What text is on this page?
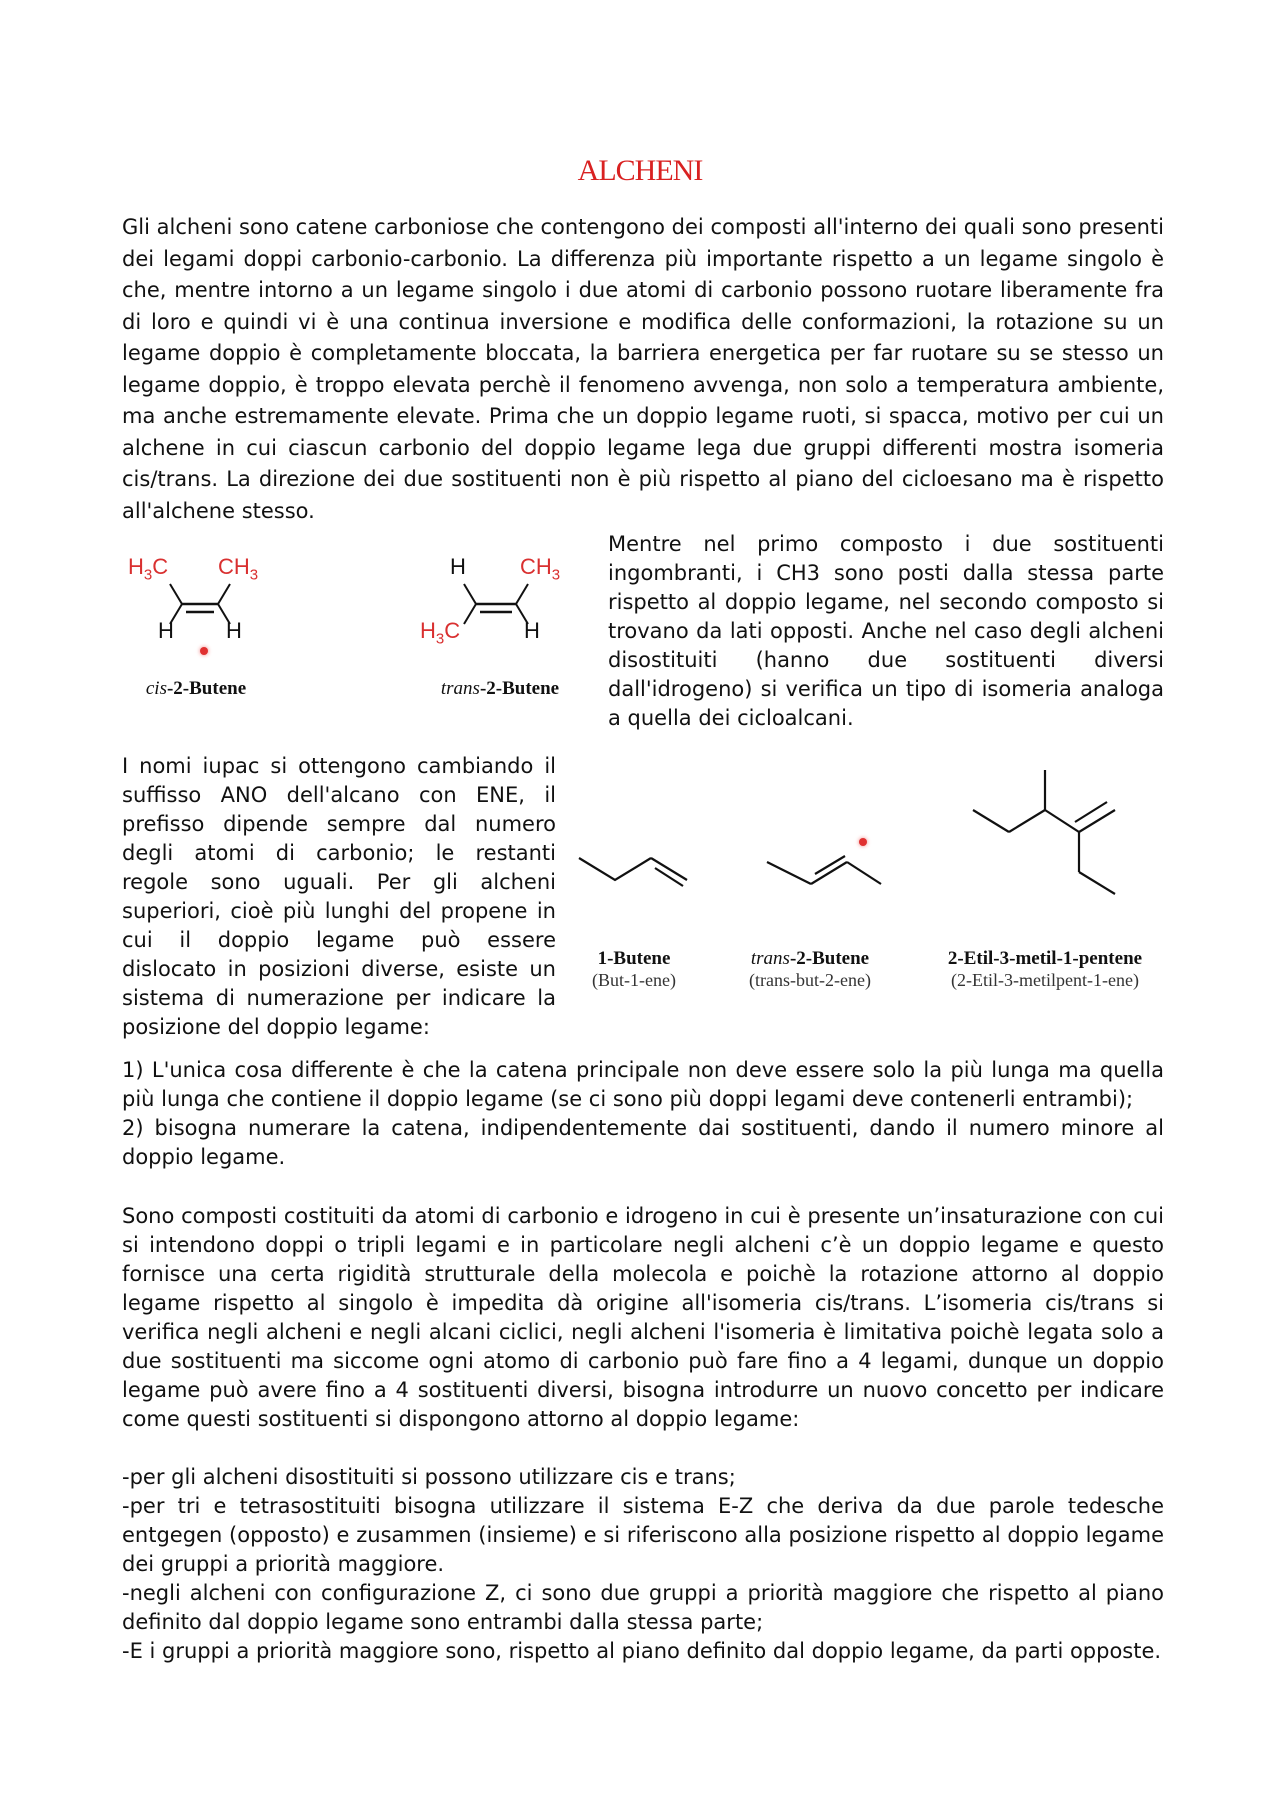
ALCHENI

Gli alcheni sono catene carboniose che contengono dei composti all'interno dei quali sono presenti dei legami doppi carbonio-carbonio. La differenza più importante rispetto a un legame singolo è che, mentre intorno a un legame singolo i due atomi di carbonio possono ruotare liberamente fra di loro e quindi vi è una continua inversione e modifica delle conformazioni, la rotazione su un legame doppio è completamente bloccata, la barriera energetica per far ruotare su se stesso un legame doppio, è troppo elevata perchè il fenomeno avvenga, non solo a temperatura ambiente, ma anche estremamente elevate. Prima che un doppio legame ruoti, si spacca, motivo per cui un alchene in cui ciascun carbonio del doppio legame lega due gruppi differenti mostra isomeria cis/trans. La direzione dei due sostituenti non è più rispetto al piano del cicloesano ma è rispetto all'alchene stesso.

$H_3C$ $CH_3$
H H
cis-2-Butene
H $CH_3$
$H_3C$	H
trans-2-Butene

Mentre nel primo composto i due sostituenti ingombranti, i CH3 sono posti dalla stessa parte rispetto al doppio legame, nel secondo composto si trovano da lati opposti. Anche nel caso degli alcheni disostituiti (hanno due sostituenti diversi dall'idrogeno) si verifica un tipo di isomeria analoga a quella dei cicloalcani.

I nomi iupac si ottengono cambiando il suffisso ANO dell'alcano con ENE, il prefisso dipende sempre dal numero degli atomi di carbonio; le restanti regole sono uguali. Per gli alcheni superiori, cioè più lunghi del propene in cui il doppio legame può essere dislocato in posizioni diverse, esiste un sistema di numerazione per indicare la posizione del doppio legame:

1-Butene
(But-1-ene)
trans-2-Butene
(trans-but-2-ene)
2-Etil-3-metil-1-pentene
(2-Etil-3-metilpent-1-ene)

1) L'unica cosa differente è che la catena principale non deve essere solo la più lunga ma quella più lunga che contiene il doppio legame (se ci sono più doppi legami deve contenerli entrambi);

2) bisogna numerare la catena, indipendentemente dai sostituenti, dando il numero minore al doppio legame.

Sono composti costituiti da atomi di carbonio e idrogeno in cui è presente un’insaturazione con cui si intendono doppi o tripli legami e in particolare negli alcheni c’è un doppio legame e questo fornisce una certa rigidità strutturale della molecola e poichè la rotazione attorno al doppio legame rispetto al singolo è impedita dà origine all'isomeria cis/trans. L’isomeria cis/trans si verifica negli alcheni e negli alcani ciclici, negli alcheni l'isomeria è limitativa poichè legata solo a due sostituenti ma siccome ogni atomo di carbonio può fare fino a 4 legami, dunque un doppio legame può avere fino a 4 sostituenti diversi, bisogna introdurre un nuovo concetto per indicare come questi sostituenti si dispongono attorno al doppio legame:

-per gli alcheni disostituiti si possono utilizzare cis e trans;

-per tri e tetrasostituiti bisogna utilizzare il sistema E-Z che deriva da due parole tedesche entgegen (opposto) e zusammen (insieme) e si riferiscono alla posizione rispetto al doppio legame dei gruppi a priorità maggiore.

-negli alcheni con configurazione Z, ci sono due gruppi a priorità maggiore che rispetto al piano definito dal doppio legame sono entrambi dalla stessa parte;

-E i gruppi a priorità maggiore sono, rispetto al piano definito dal doppio legame, da parti opposte.
